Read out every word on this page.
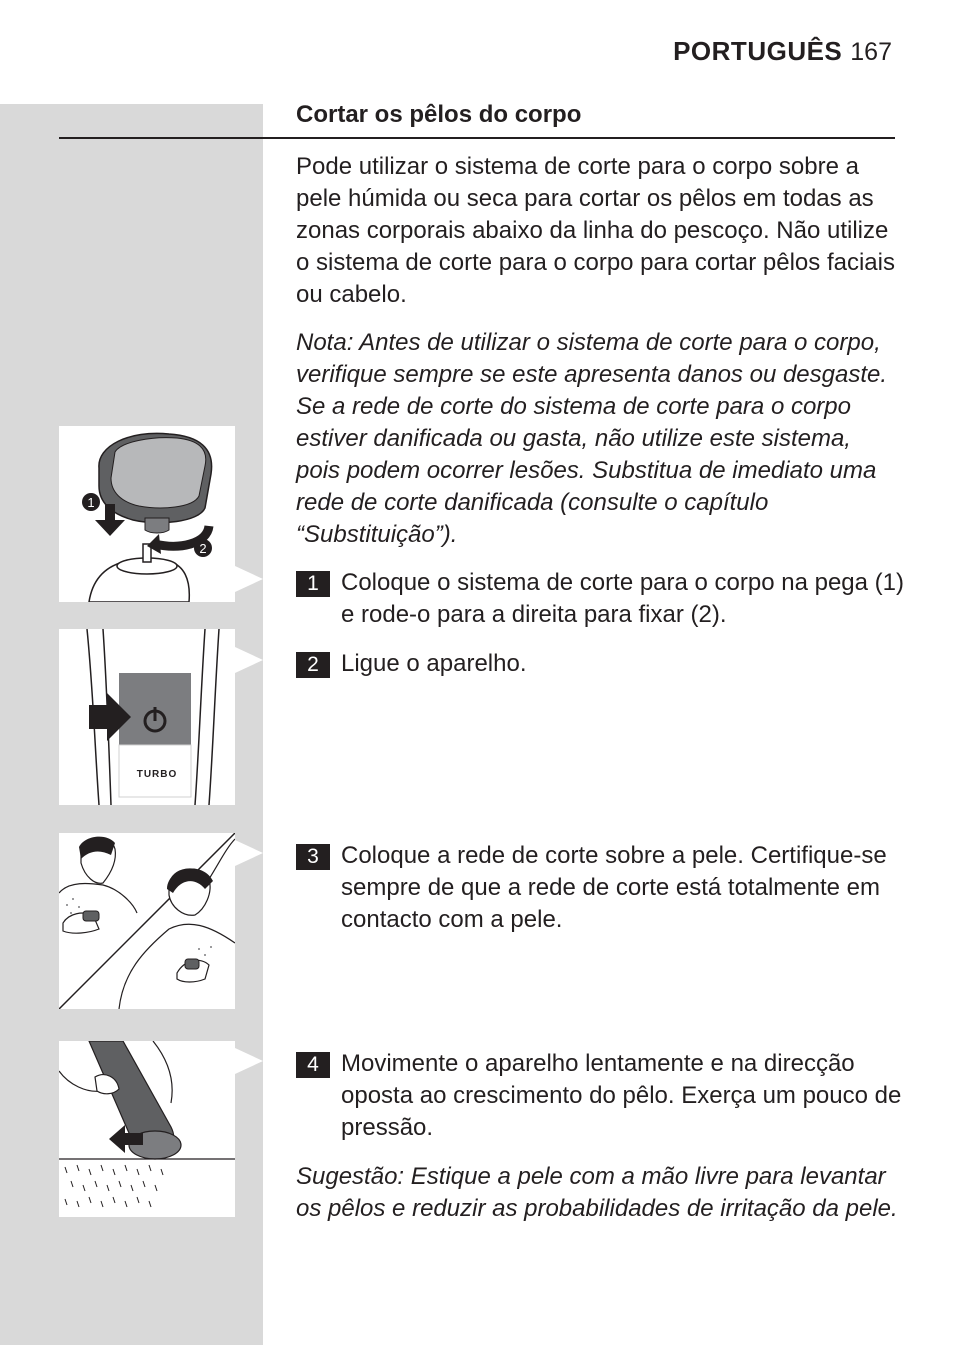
PORTUGUÊS 167
Cortar os pêlos do corpo
Pode utilizar o sistema de corte para o corpo sobre a pele húmida ou seca para cortar os pêlos em todas as zonas corporais abaixo da linha do pescoço. Não utilize o sistema de corte para o corpo para cortar pêlos faciais ou cabelo.
Nota: Antes de utilizar o sistema de corte para o corpo, verifique sempre se este apresenta danos ou desgaste. Se a rede de corte do sistema de corte para o corpo estiver danificada ou gasta, não utilize este sistema, pois podem ocorrer lesões. Substitua de imediato uma rede de corte danificada (consulte o capítulo “Substituição”).
1 Coloque o sistema de corte para o corpo na pega (1) e rode-o para a direita para fixar (2).
2 Ligue o aparelho.
3 Coloque a rede de corte sobre a pele. Certifique-se sempre de que a rede de corte está totalmente em contacto com a pele.
4 Movimente o aparelho lentamente e na direcção oposta ao crescimento do pêlo. Exerça um pouco de pressão.
Sugestão: Estique a pele com a mão livre para levantar os pêlos e reduzir as probabilidades de irritação da pele.
1
2
TURBO
